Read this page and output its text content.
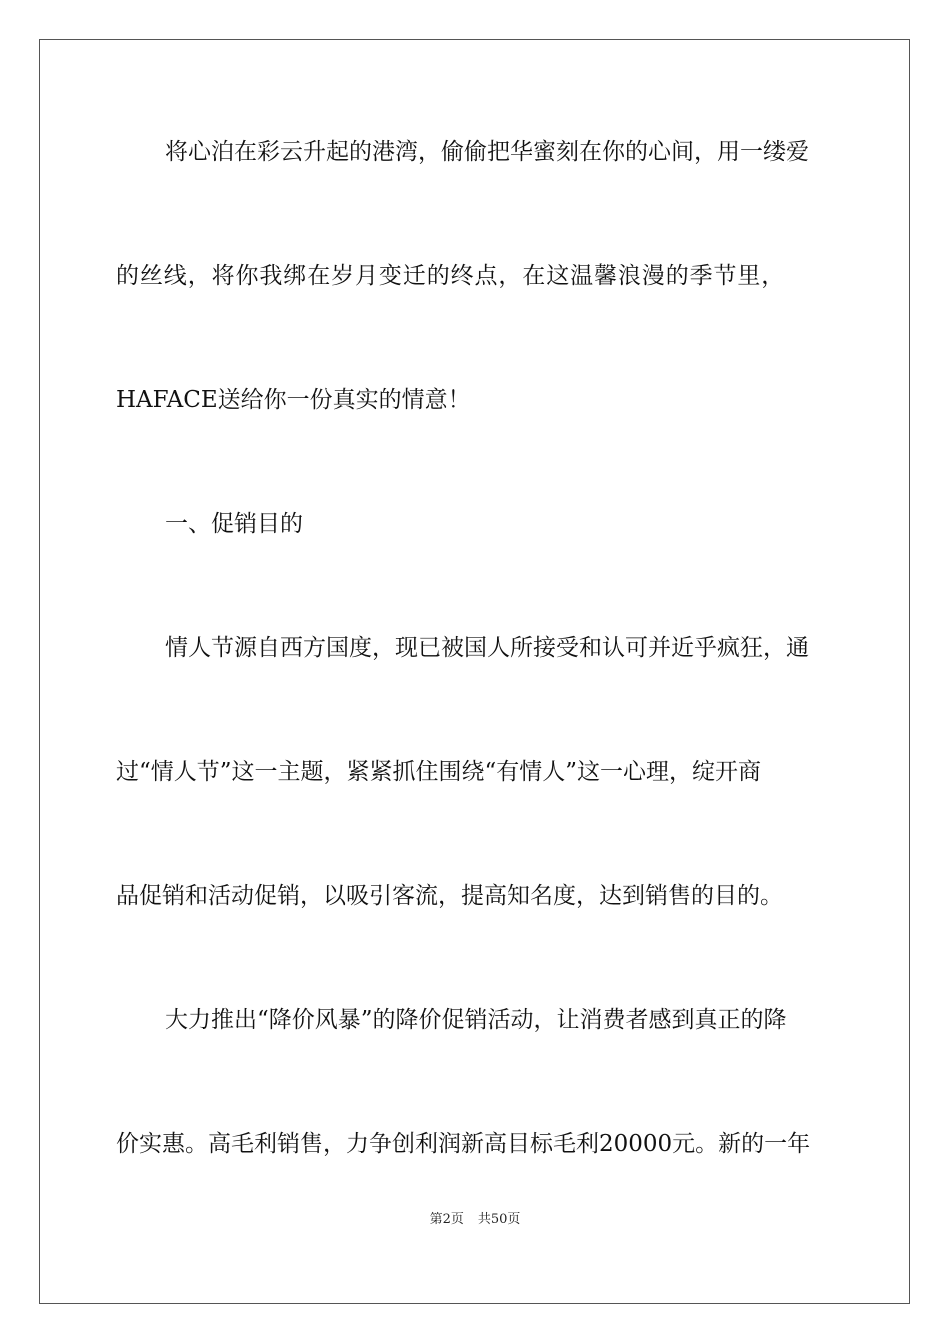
将心泊在彩云升起的港湾，偷偷把华蜜刻在你的心间，用一缕爱
的丝线，将你我绑在岁月变迁的终点，在这温馨浪漫的季节里，
HAFACE送给你一份真实的情意！
一、促销目的
情人节源自西方国度，现已被国人所接受和认可并近乎疯狂，通
过“情人节”这一主题，紧紧抓住围绕“有情人”这一心理，绽开商
品促销和活动促销，以吸引客流，提高知名度，达到销售的目的。
大力推出“降价风暴”的降价促销活动，让消费者感到真正的降
价实惠。高毛利销售，力争创利润新高目标毛利20000元。新的一年
第2页 共50页
